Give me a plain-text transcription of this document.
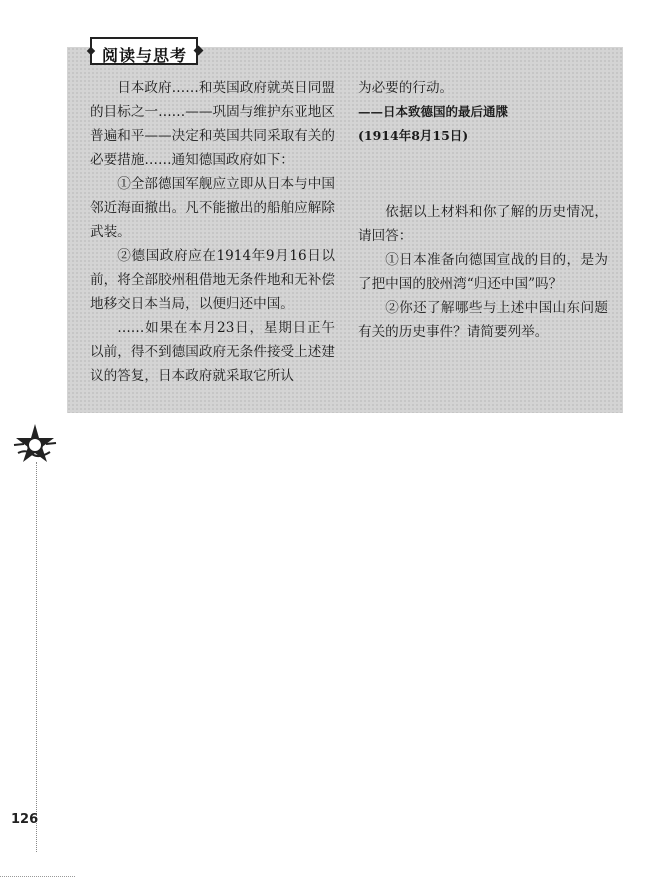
阅读与思考

日本政府……和英国政府就英日同盟的目标之一……——巩固与维护东亚地区普遍和平——决定和英国共同采取有关的必要措施……通知德国政府如下：

①全部德国军舰应立即从日本与中国邻近海面撤出。凡不能撤出的船舶应解除武装。

②德国政府应在1914年9月16日以前，将全部胶州租借地无条件地和无补偿地移交日本当局，以便归还中国。

……如果在本月23日，星期日正午以前，得不到德国政府无条件接受上述建议的答复，日本政府就采取它所认

为必要的行动。

——日本致德国的最后通牒

(1914年8月15日)

依据以上材料和你了解的历史情况，请回答：

①日本准备向德国宣战的目的，是为了把中国的胶州湾“归还中国”吗？

②你还了解哪些与上述中国山东问题有关的历史事件？请简要列举。

126
